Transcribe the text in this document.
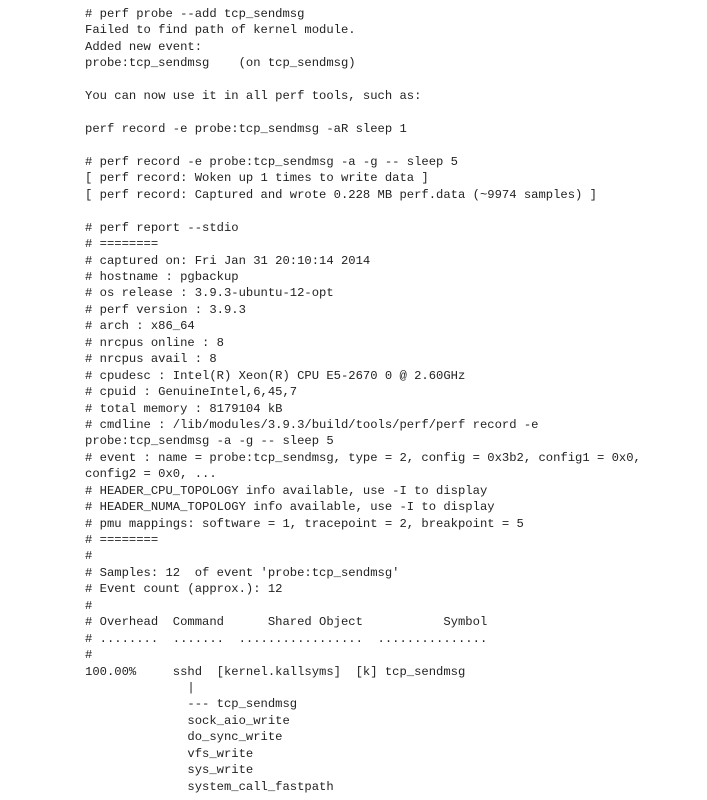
# perf probe --add tcp_sendmsg
Failed to find path of kernel module.
Added new event:
probe:tcp_sendmsg    (on tcp_sendmsg)
You can now use it in all perf tools, such as:
perf record -e probe:tcp_sendmsg -aR sleep 1
# perf record -e probe:tcp_sendmsg -a -g -- sleep 5
[ perf record: Woken up 1 times to write data ]
[ perf record: Captured and wrote 0.228 MB perf.data (~9974 samples) ]
# perf report --stdio
# ========
# captured on: Fri Jan 31 20:10:14 2014
# hostname : pgbackup
# os release : 3.9.3-ubuntu-12-opt
# perf version : 3.9.3
# arch : x86_64
# nrcpus online : 8
# nrcpus avail : 8
# cpudesc : Intel(R) Xeon(R) CPU E5-2670 0 @ 2.60GHz
# cpuid : GenuineIntel,6,45,7
# total memory : 8179104 kB
# cmdline : /lib/modules/3.9.3/build/tools/perf/perf record -e
probe:tcp_sendmsg -a -g -- sleep 5
# event : name = probe:tcp_sendmsg, type = 2, config = 0x3b2, config1 = 0x0,
config2 = 0x0, ...
# HEADER_CPU_TOPOLOGY info available, use -I to display
# HEADER_NUMA_TOPOLOGY info available, use -I to display
# pmu mappings: software = 1, tracepoint = 2, breakpoint = 5
# ========
#
# Samples: 12  of event 'probe:tcp_sendmsg'
# Event count (approx.): 12
#
# Overhead  Command      Shared Object           Symbol
# ........  .......  .................  ...............
#
100.00%     sshd  [kernel.kallsyms]  [k] tcp_sendmsg
|
--- tcp_sendmsg
sock_aio_write
do_sync_write
vfs_write
sys_write
system_call_fastpath
